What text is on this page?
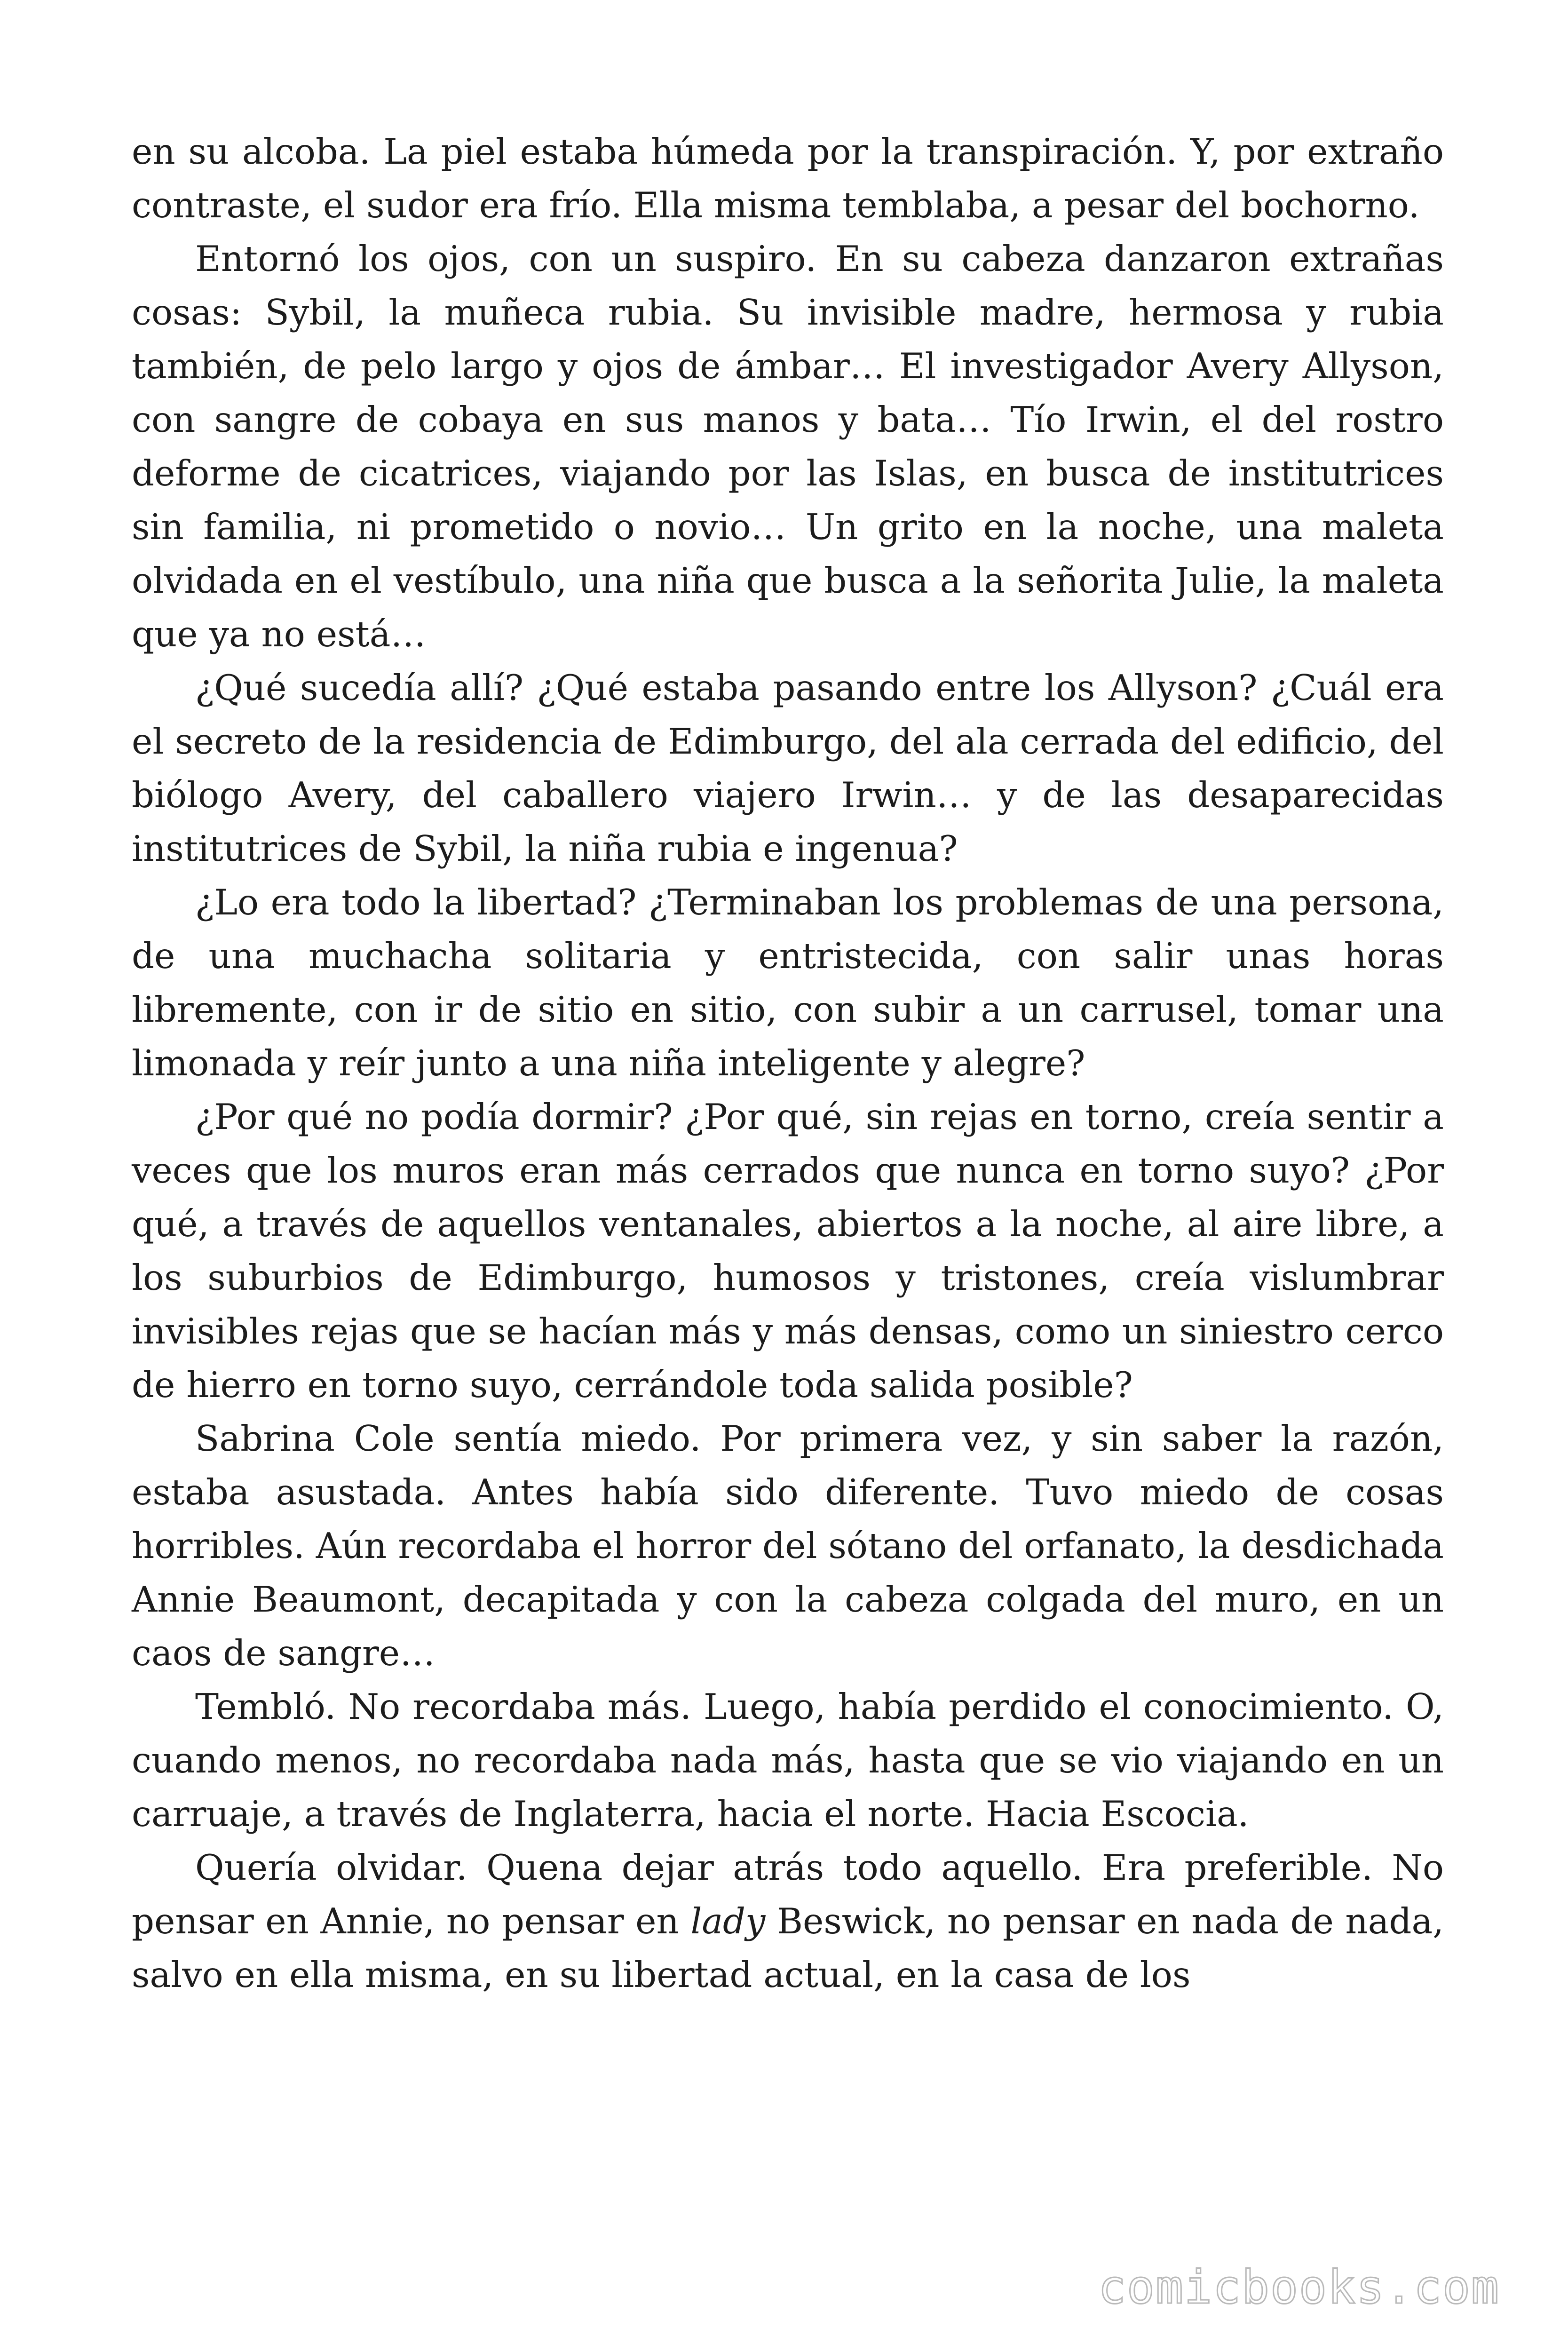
en su alcoba. La piel estaba húmeda por la transpiración. Y, por extraño contraste, el sudor era frío. Ella misma temblaba, a pesar del bochorno.

Entornó los ojos, con un suspiro. En su cabeza danzaron extrañas cosas: Sybil, la muñeca rubia. Su invisible madre, hermosa y rubia también, de pelo largo y ojos de ámbar… El investigador Avery Allyson, con sangre de cobaya en sus manos y bata… Tío Irwin, el del rostro deforme de cicatrices, viajando por las Islas, en busca de institutrices sin familia, ni prometido o novio… Un grito en la noche, una maleta olvidada en el vestíbulo, una niña que busca a la señorita Julie, la maleta que ya no está…

¿Qué sucedía allí? ¿Qué estaba pasando entre los Allyson? ¿Cuál era el secreto de la residencia de Edimburgo, del ala cerrada del edificio, del biólogo Avery, del caballero viajero Irwin… y de las desaparecidas institutrices de Sybil, la niña rubia e ingenua?

¿Lo era todo la libertad? ¿Terminaban los problemas de una persona, de una muchacha solitaria y entristecida, con salir unas horas libremente, con ir de sitio en sitio, con subir a un carrusel, tomar una limonada y reír junto a una niña inteligente y alegre?

¿Por qué no podía dormir? ¿Por qué, sin rejas en torno, creía sentir a veces que los muros eran más cerrados que nunca en torno suyo? ¿Por qué, a través de aquellos ventanales, abiertos a la noche, al aire libre, a los suburbios de Edimburgo, humosos y tristones, creía vislumbrar invisibles rejas que se hacían más y más densas, como un siniestro cerco de hierro en torno suyo, cerrándole toda salida posible?

Sabrina Cole sentía miedo. Por primera vez, y sin saber la razón, estaba asustada. Antes había sido diferente. Tuvo miedo de cosas horribles. Aún recordaba el horror del sótano del orfanato, la desdichada Annie Beaumont, decapitada y con la cabeza colgada del muro, en un caos de sangre…

Tembló. No recordaba más. Luego, había perdido el conocimiento. O, cuando menos, no recordaba nada más, hasta que se vio viajando en un carruaje, a través de Inglaterra, hacia el norte. Hacia Escocia.

Quería olvidar. Quena dejar atrás todo aquello. Era preferible. No pensar en Annie, no pensar en lady Beswick, no pensar en nada de nada, salvo en ella misma, en su libertad actual, en la casa de los

comicbooks.com
